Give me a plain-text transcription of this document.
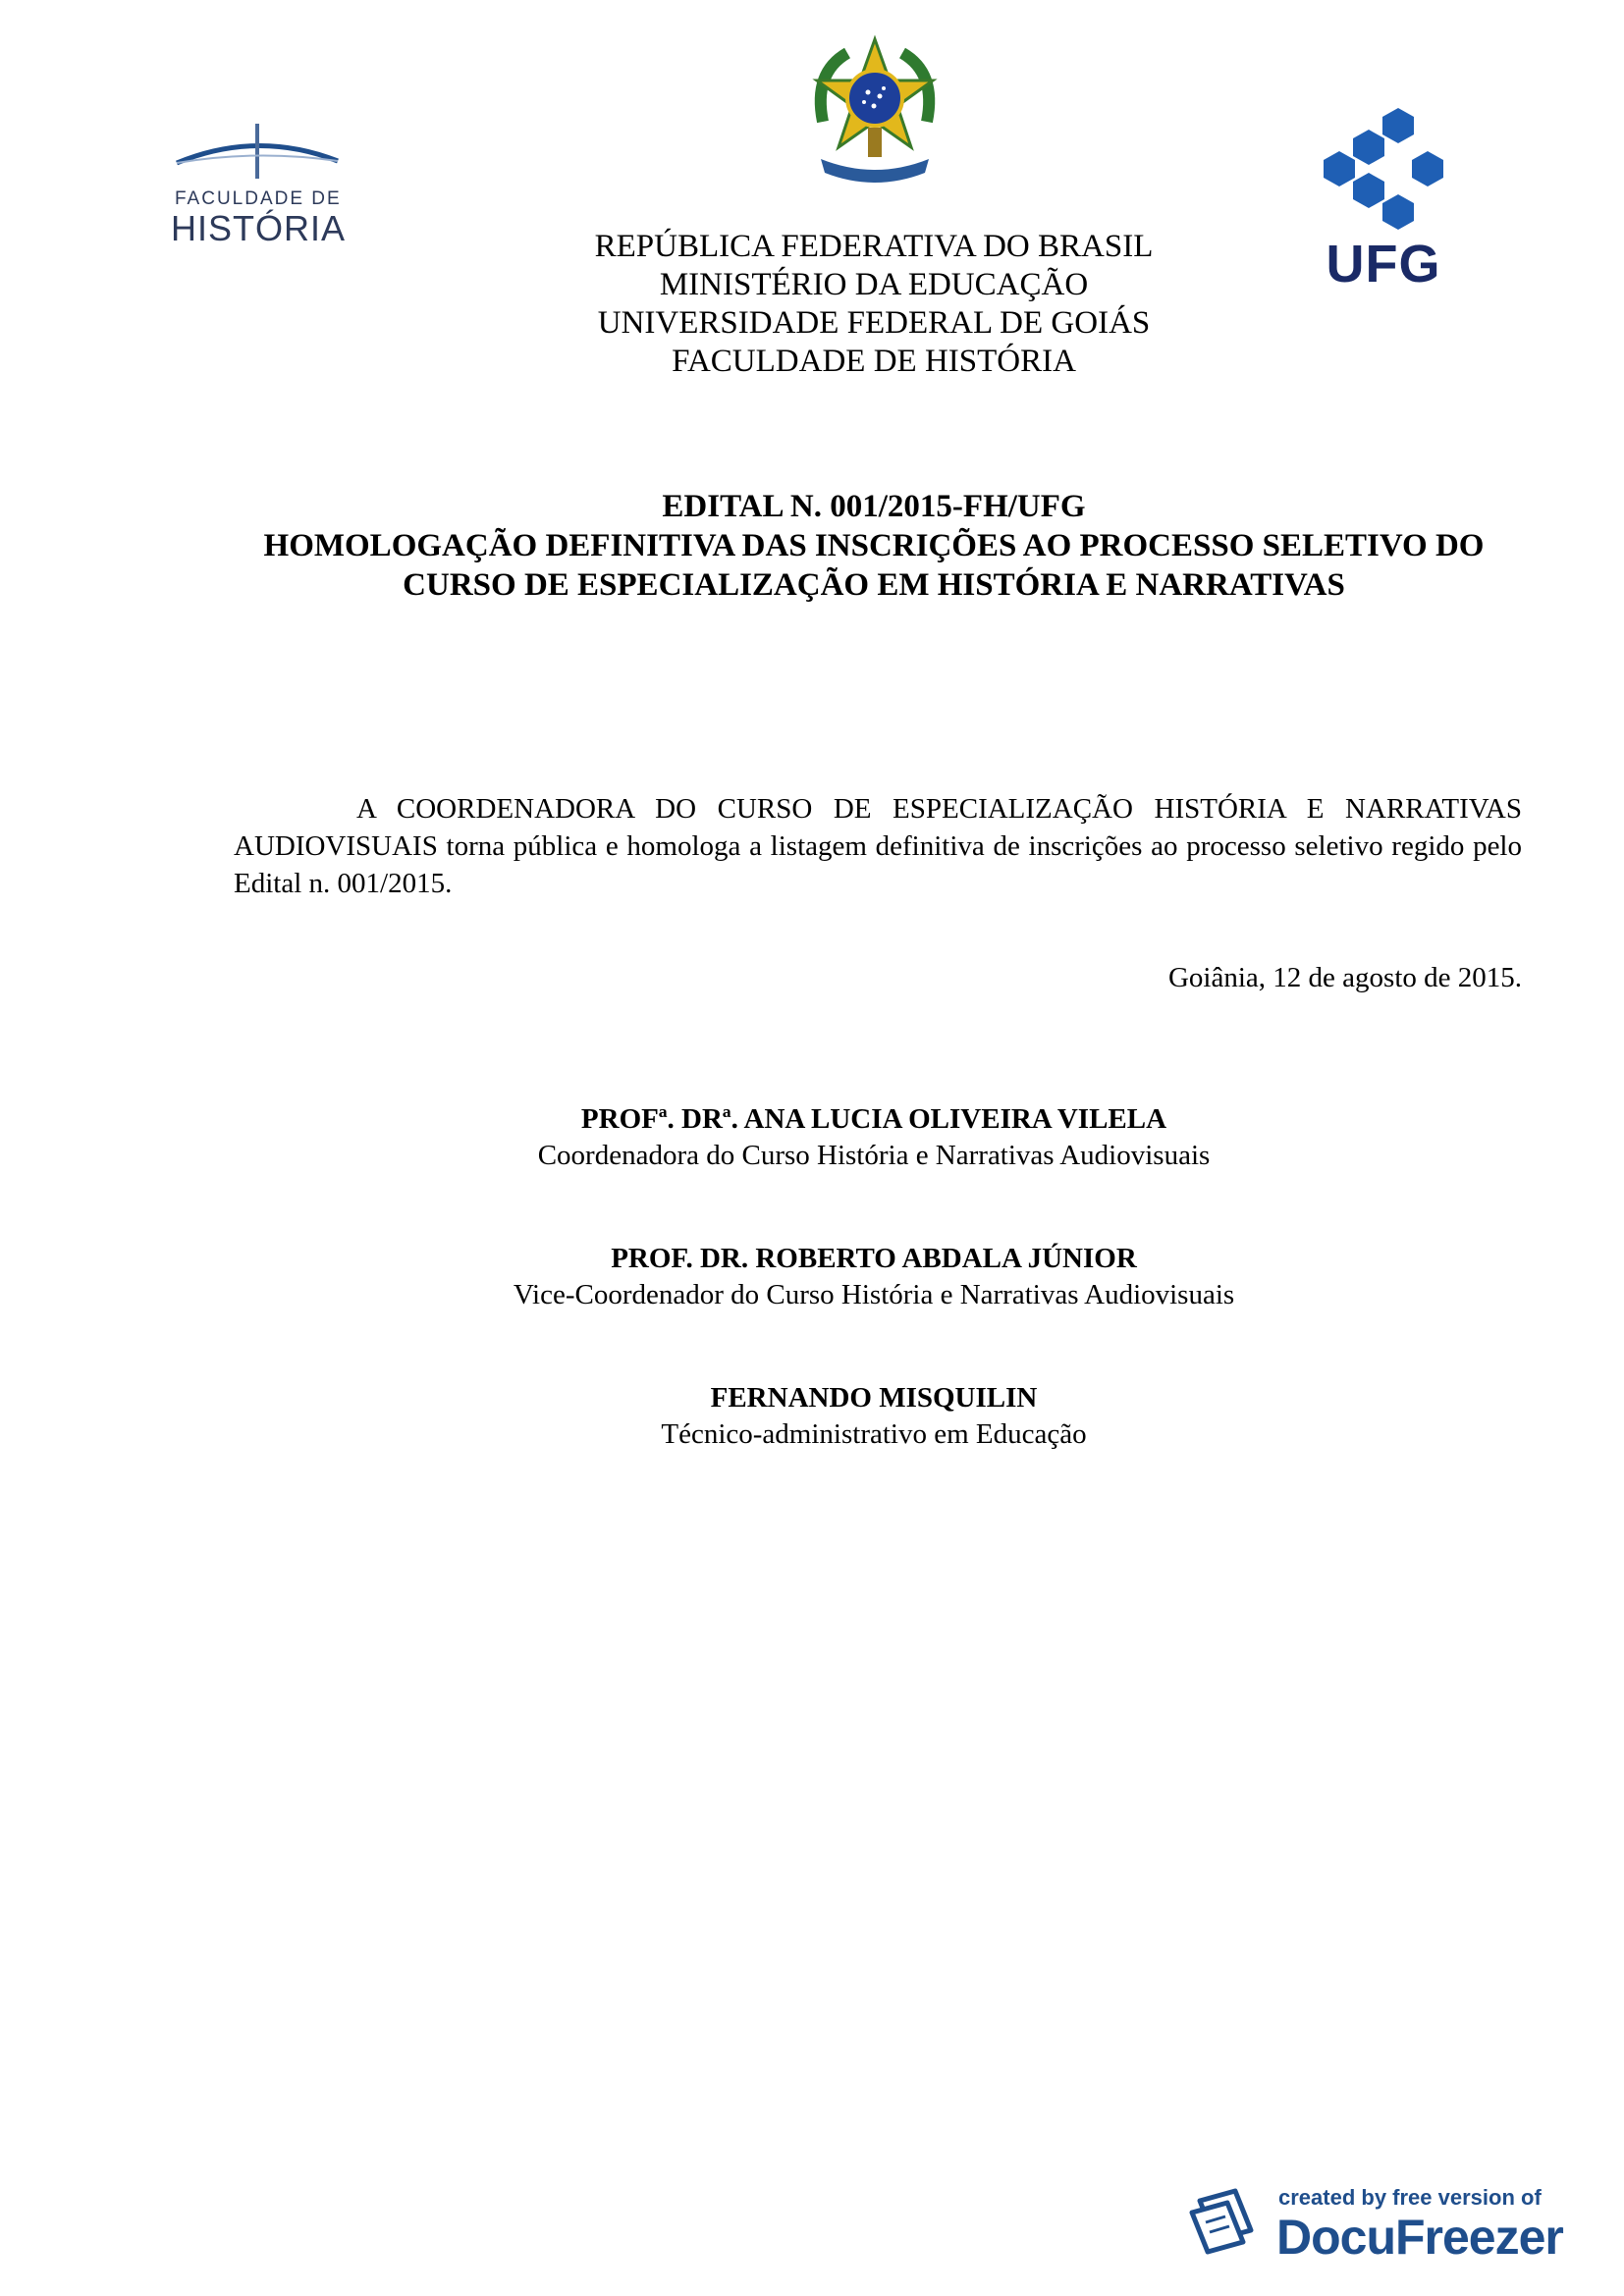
FACULDADE DE
HISTÓRIA
UFG
REPÚBLICA FEDERATIVA DO BRASIL
MINISTÉRIO DA EDUCAÇÃO
UNIVERSIDADE FEDERAL DE GOIÁS
FACULDADE DE HISTÓRIA
EDITAL N. 001/2015-FH/UFG
HOMOLOGAÇÃO DEFINITIVA DAS INSCRIÇÕES AO PROCESSO SELETIVO DO
CURSO DE ESPECIALIZAÇÃO EM HISTÓRIA E NARRATIVAS
A COORDENADORA DO CURSO DE ESPECIALIZAÇÃO HISTÓRIA E NARRATIVAS AUDIOVISUAIS torna pública e homologa a listagem definitiva de inscrições ao processo seletivo regido pelo Edital n. 001/2015.
Goiânia, 12 de agosto de 2015.
PROFª. DRª. ANA LUCIA OLIVEIRA VILELA
Coordenadora do Curso História e Narrativas Audiovisuais
PROF. DR. ROBERTO ABDALA JÚNIOR
Vice-Coordenador do Curso História e Narrativas Audiovisuais
FERNANDO MISQUILIN
Técnico-administrativo em Educação
created by free version of
DocuFreezer
